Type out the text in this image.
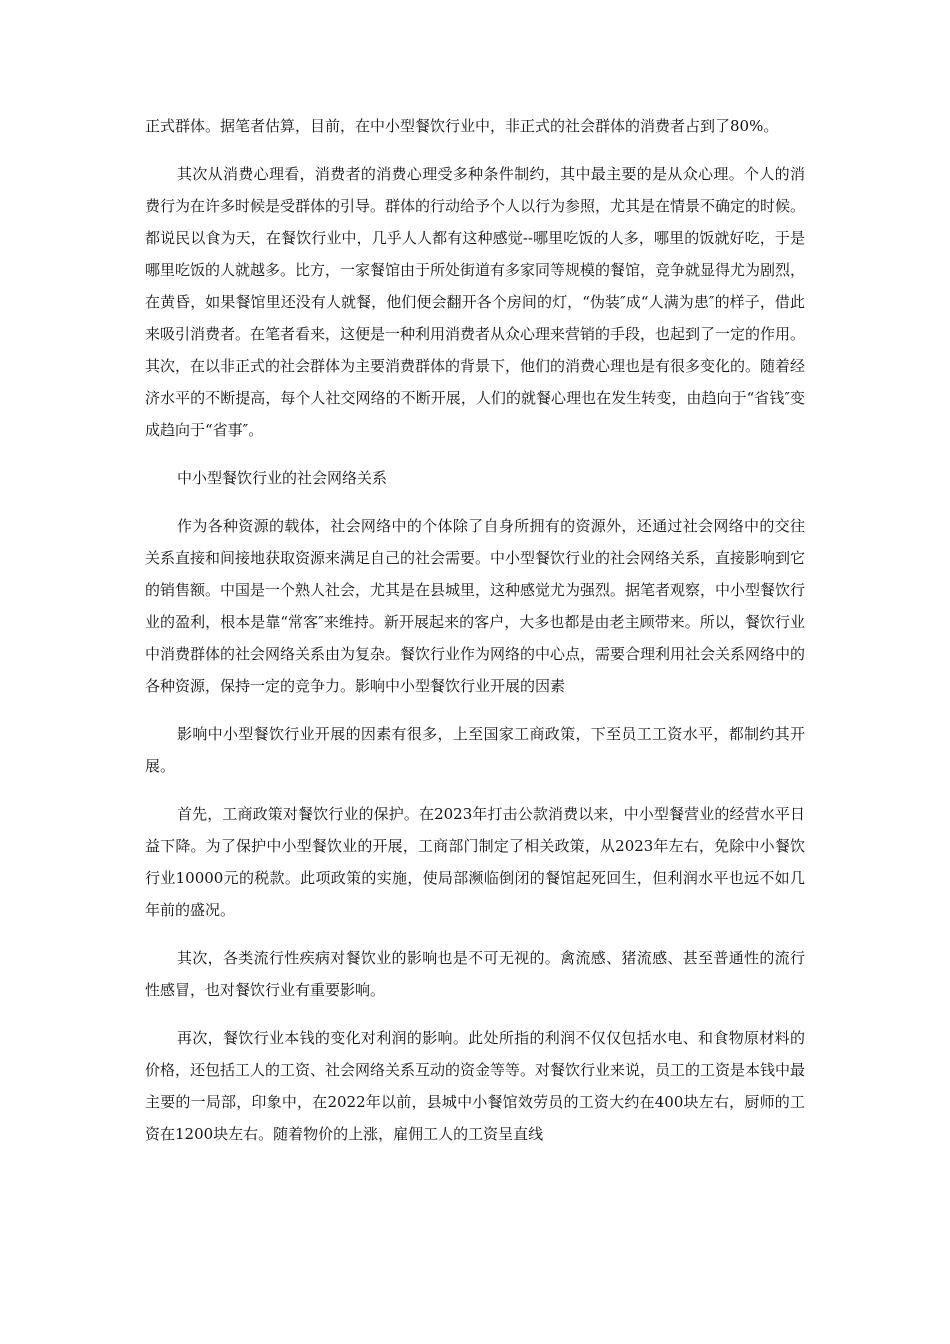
正式群体。据笔者估算，目前，在中小型餐饮行业中，非正式的社会群体的消费者占到了80%。

其次从消费心理看，消费者的消费心理受多种条件制约，其中最主要的是从众心理。个人的消费行为在许多时候是受群体的引导。群体的行动给予个人以行为参照，尤其是在情景不确定的时候。都说民以食为天，在餐饮行业中，几乎人人都有这种感觉--哪里吃饭的人多，哪里的饭就好吃，于是哪里吃饭的人就越多。比方，一家餐馆由于所处街道有多家同等规模的餐馆，竞争就显得尤为剧烈，在黄昏，如果餐馆里还没有人就餐，他们便会翻开各个房间的灯，“伪装″成“人满为患″的样子，借此来吸引消费者。在笔者看来，这便是一种利用消费者从众心理来营销的手段，也起到了一定的作用。其次，在以非正式的社会群体为主要消费群体的背景下，他们的消费心理也是有很多变化的。随着经济水平的不断提高，每个人社交网络的不断开展，人们的就餐心理也在发生转变，由趋向于“省钱″变成趋向于“省事″。

中小型餐饮行业的社会网络关系

作为各种资源的载体，社会网络中的个体除了自身所拥有的资源外，还通过社会网络中的交往关系直接和间接地获取资源来满足自己的社会需要。中小型餐饮行业的社会网络关系，直接影响到它的销售额。中国是一个熟人社会，尤其是在县城里，这种感觉尤为强烈。据笔者观察，中小型餐饮行业的盈利，根本是靠“常客″来维持。新开展起来的客户，大多也都是由老主顾带来。所以，餐饮行业中消费群体的社会网络关系由为复杂。餐饮行业作为网络的中心点，需要合理利用社会关系网络中的各种资源，保持一定的竞争力。影响中小型餐饮行业开展的因素

影响中小型餐饮行业开展的因素有很多，上至国家工商政策，下至员工工资水平，都制约其开展。

首先，工商政策对餐饮行业的保护。在2023年打击公款消费以来，中小型餐营业的经营水平日益下降。为了保护中小型餐饮业的开展，工商部门制定了相关政策，从2023年左右，免除中小餐饮行业10000元的税款。此项政策的实施，使局部濒临倒闭的餐馆起死回生，但利润水平也远不如几年前的盛况。

其次，各类流行性疾病对餐饮业的影响也是不可无视的。禽流感、猪流感、甚至普通性的流行性感冒，也对餐饮行业有重要影响。

再次，餐饮行业本钱的变化对利润的影响。此处所指的利润不仅仅包括水电、和食物原材料的价格，还包括工人的工资、社会网络关系互动的资金等等。对餐饮行业来说，员工的工资是本钱中最主要的一局部，印象中，在2022年以前，县城中小餐馆效劳员的工资大约在400块左右，厨师的工资在1200块左右。随着物价的上涨，雇佣工人的工资呈直线
